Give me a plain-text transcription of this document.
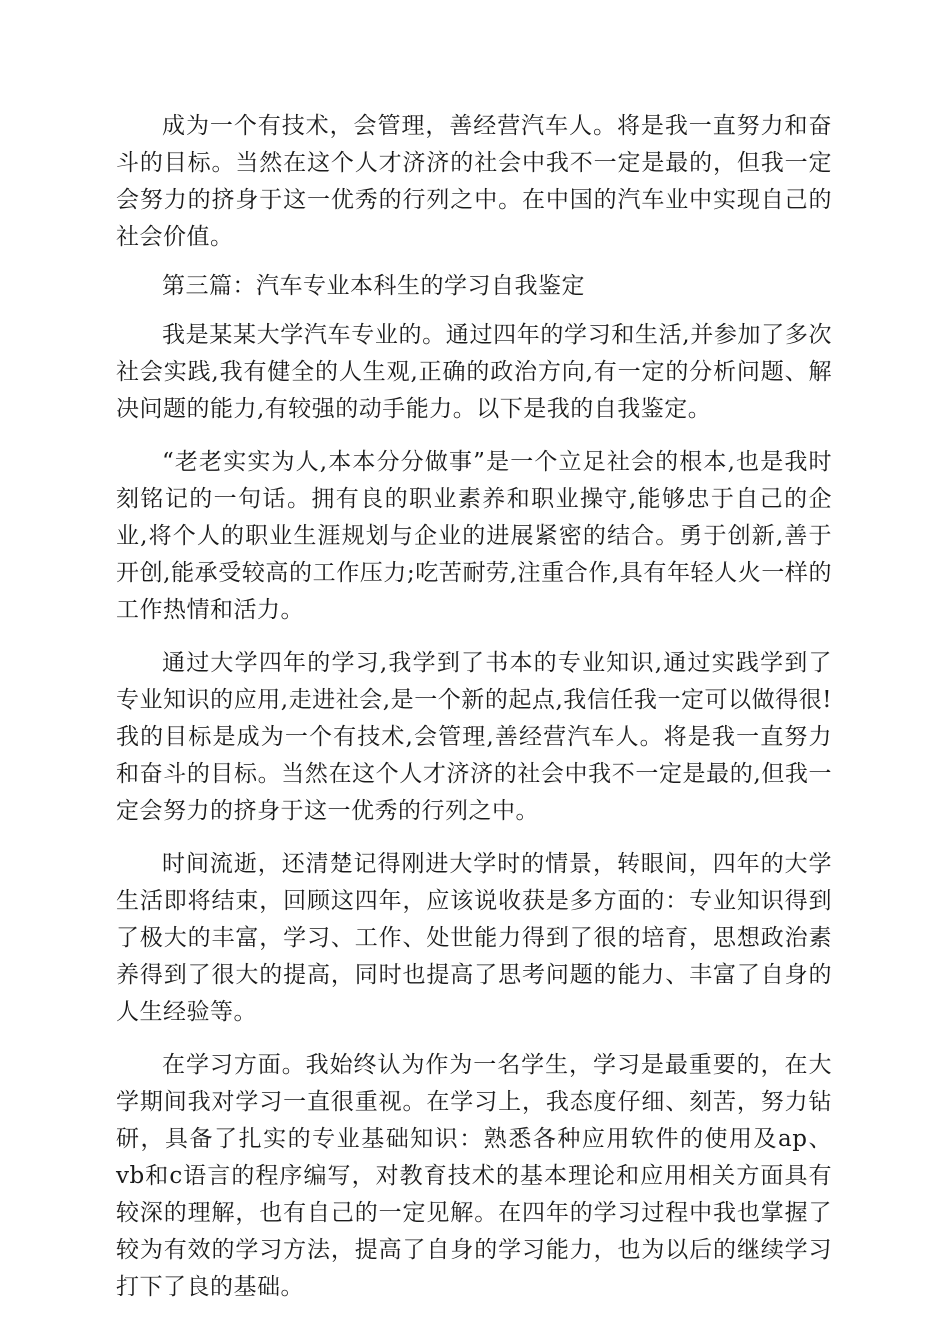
成为一个有技术，会管理，善经营汽车人。将是我一直努力和奋斗的目标。当然在这个人才济济的社会中我不一定是最的，但我一定会努力的挤身于这一优秀的行列之中。在中国的汽车业中实现自己的社会价值。

第三篇：汽车专业本科生的学习自我鉴定

我是某某大学汽车专业的。通过四年的学习和生活,并参加了多次社会实践,我有健全的人生观,正确的政治方向,有一定的分析问题、解决问题的能力,有较强的动手能力。以下是我的自我鉴定。

“老老实实为人,本本分分做事”是一个立足社会的根本,也是我时刻铭记的一句话。拥有良的职业素养和职业操守,能够忠于自己的企业,将个人的职业生涯规划与企业的进展紧密的结合。勇于创新,善于开创,能承受较高的工作压力;吃苦耐劳,注重合作,具有年轻人火一样的工作热情和活力。

通过大学四年的学习,我学到了书本的专业知识,通过实践学到了专业知识的应用,走进社会,是一个新的起点,我信任我一定可以做得很!我的目标是成为一个有技术,会管理,善经营汽车人。将是我一直努力和奋斗的目标。当然在这个人才济济的社会中我不一定是最的,但我一定会努力的挤身于这一优秀的行列之中。

时间流逝，还清楚记得刚进大学时的情景，转眼间，四年的大学生活即将结束，回顾这四年，应该说收获是多方面的：专业知识得到了极大的丰富，学习、工作、处世能力得到了很的培育，思想政治素养得到了很大的提高，同时也提高了思考问题的能力、丰富了自身的人生经验等。

在学习方面。我始终认为作为一名学生，学习是最重要的，在大学期间我对学习一直很重视。在学习上，我态度仔细、刻苦，努力钻研，具备了扎实的专业基础知识：熟悉各种应用软件的使用及ap、vb和c语言的程序编写，对教育技术的基本理论和应用相关方面具有较深的理解，也有自己的一定见解。在四年的学习过程中我也掌握了较为有效的学习方法，提高了自身的学习能力，也为以后的继续学习打下了良的基础。
